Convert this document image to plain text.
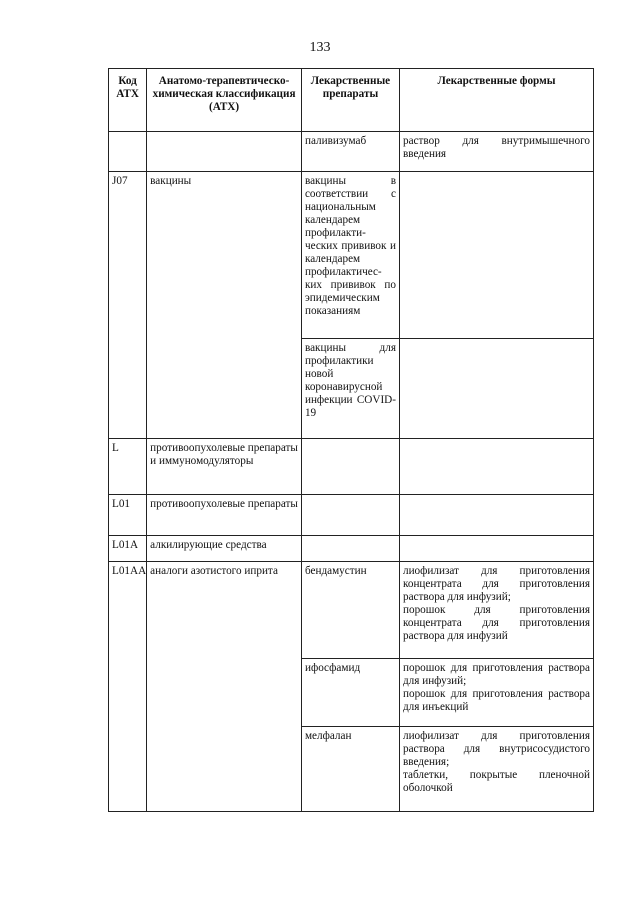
133
Код АТХ	Анатомо-терапевтическо-химическая классификация (АТХ)	Лекарственные препараты	Лекарственные формы
		паливизумаб	раствор для внутримышечного введения
J07	вакцины	вакцины в соответствии с национальным календарем профилакти-
ческих прививок и календарем профилактичес-
ких прививок по эпидемическим показаниям	
		вакцины для профилактики новой коронавирусной инфекции COVID-19	
L	противоопухолевые препараты и иммуномодуляторы		
L01	противоопухолевые препараты		
L01A	алкилирующие средства		
L01AA	аналоги азотистого иприта	бендамустин	лиофилизат для приготовления концентрата для приготовления раствора для инфузий;
порошок для приготовления концентрата для приготовления раствора для инфузий
		ифосфамид	порошок для приготовления раствора для инфузий;
порошок для приготовления раствора для инъекций
		мелфалан	лиофилизат для приготовления раствора для внутрисосудистого введения;
таблетки, покрытые пленочной оболочкой
